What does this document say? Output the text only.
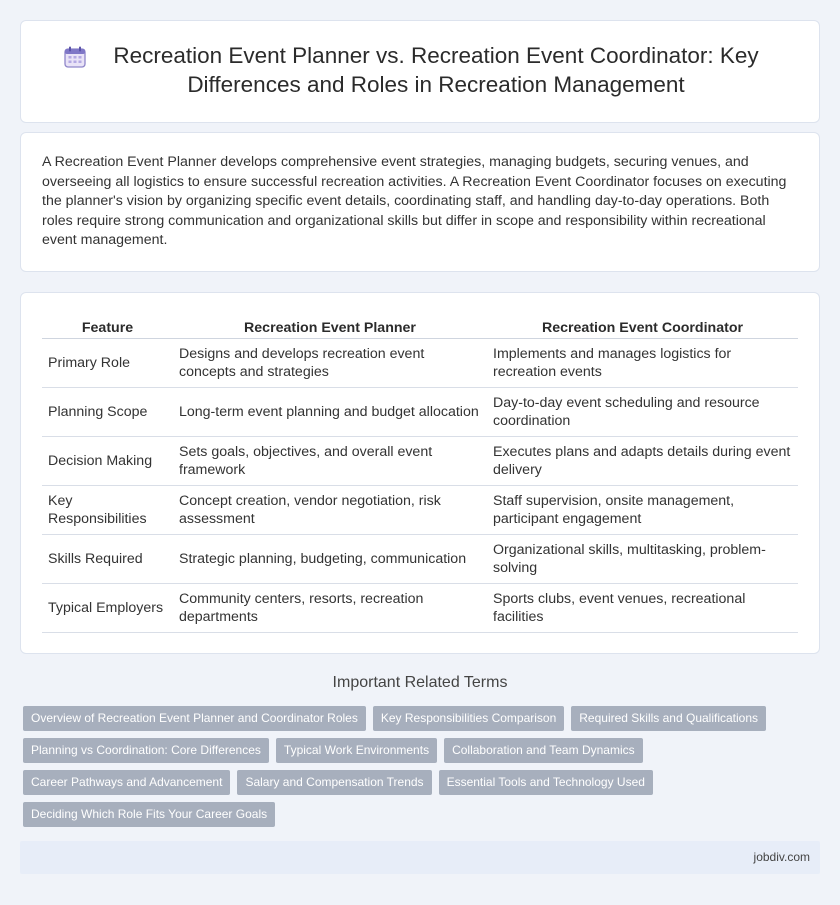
Recreation Event Planner vs. Recreation Event Coordinator: Key Differences and Roles in Recreation Management

A Recreation Event Planner develops comprehensive event strategies, managing budgets, securing venues, and overseeing all logistics to ensure successful recreation activities. A Recreation Event Coordinator focuses on executing the planner's vision by organizing specific event details, coordinating staff, and handling day-to-day operations. Both roles require strong communication and organizational skills but differ in scope and responsibility within recreational event management.

Feature	Recreation Event Planner	Recreation Event Coordinator
Primary Role	Designs and develops recreation event concepts and strategies	Implements and manages logistics for recreation events
Planning Scope	Long-term event planning and budget allocation	Day-to-day event scheduling and resource coordination
Decision Making	Sets goals, objectives, and overall event framework	Executes plans and adapts details during event delivery
Key Responsibilities	Concept creation, vendor negotiation, risk assessment	Staff supervision, onsite management, participant engagement
Skills Required	Strategic planning, budgeting, communication	Organizational skills, multitasking, problem-solving
Typical Employers	Community centers, resorts, recreation departments	Sports clubs, event venues, recreational facilities
Important Related Terms
Overview of Recreation Event Planner and Coordinator Roles	Key Responsibilities Comparison	Required Skills and Qualifications
Planning vs Coordination: Core Differences	Typical Work Environments	Collaboration and Team Dynamics
Career Pathways and Advancement	Salary and Compensation Trends	Essential Tools and Technology Used
Deciding Which Role Fits Your Career Goals
jobdiv.com
